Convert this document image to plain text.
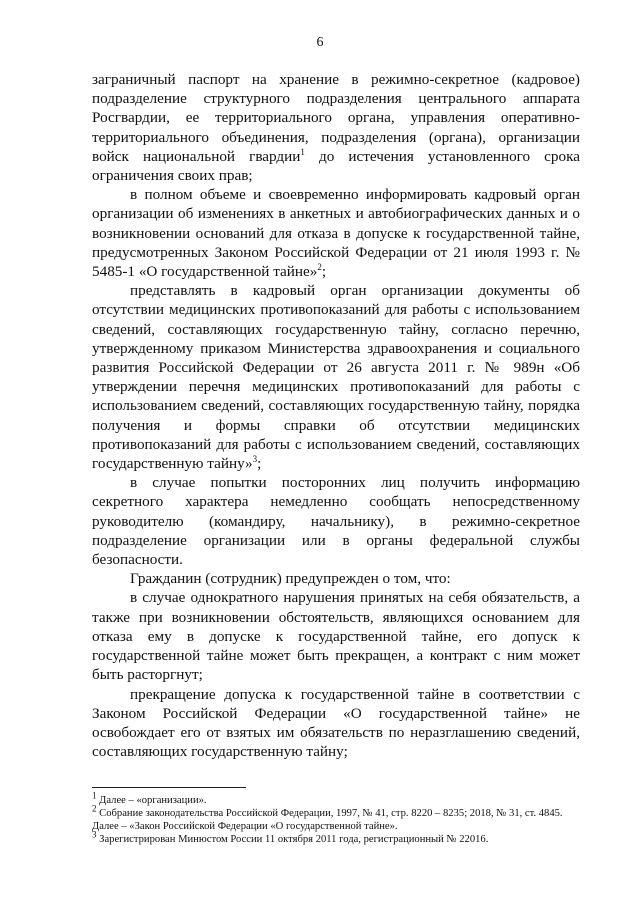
6

заграничный паспорт на хранение в режимно-секретное (кадровое) подразделение структурного подразделения центрального аппарата Росгвардии, ее территориального органа, управления оперативно-территориального объединения, подразделения (органа), организации войск национальной гвардии$^1$ до истечения установленного срока ограничения своих прав;

в полном объеме и своевременно информировать кадровый орган организации об изменениях в анкетных и автобиографических данных и о возникновении оснований для отказа в допуске к государственной тайне, предусмотренных Законом Российской Федерации от 21 июля 1993 г. № 5485-1 «О государственной тайне»$^2$;

представлять в кадровый орган организации документы об отсутствии медицинских противопоказаний для работы с использованием сведений, составляющих государственную тайну, согласно перечню, утвержденному приказом Министерства здравоохранения и социального развития Российской Федерации от 26 августа 2011 г. № 989н «Об утверждении перечня медицинских противопоказаний для работы с использованием сведений, составляющих государственную тайну, порядка получения и формы справки об отсутствии медицинских противопоказаний для работы с использованием сведений, составляющих государственную тайну»$^3$;

в случае попытки посторонних лиц получить информацию секретного характера немедленно сообщать непосредственному руководителю (командиру, начальнику), в режимно-секретное подразделение организации или в органы федеральной службы безопасности.

Гражданин (сотрудник) предупрежден о том, что:

в случае однократного нарушения принятых на себя обязательств, а также при возникновении обстоятельств, являющихся основанием для отказа ему в допуске к государственной тайне, его допуск к государственной тайне может быть прекращен, а контракт с ним может быть расторгнут;

прекращение допуска к государственной тайне в соответствии с Законом Российской Федерации «О государственной тайне» не освобождает его от взятых им обязательств по неразглашению сведений, составляющих государственную тайну;

$^1$ Далее – «организации».
$^2$ Собрание законодательства Российской Федерации, 1997, № 41, стр. 8220 – 8235; 2018, № 31, ст. 4845.
Далее – «Закон Российской Федерации «О государственной тайне».
$^3$ Зарегистрирован Минюстом России 11 октября 2011 года, регистрационный № 22016.
